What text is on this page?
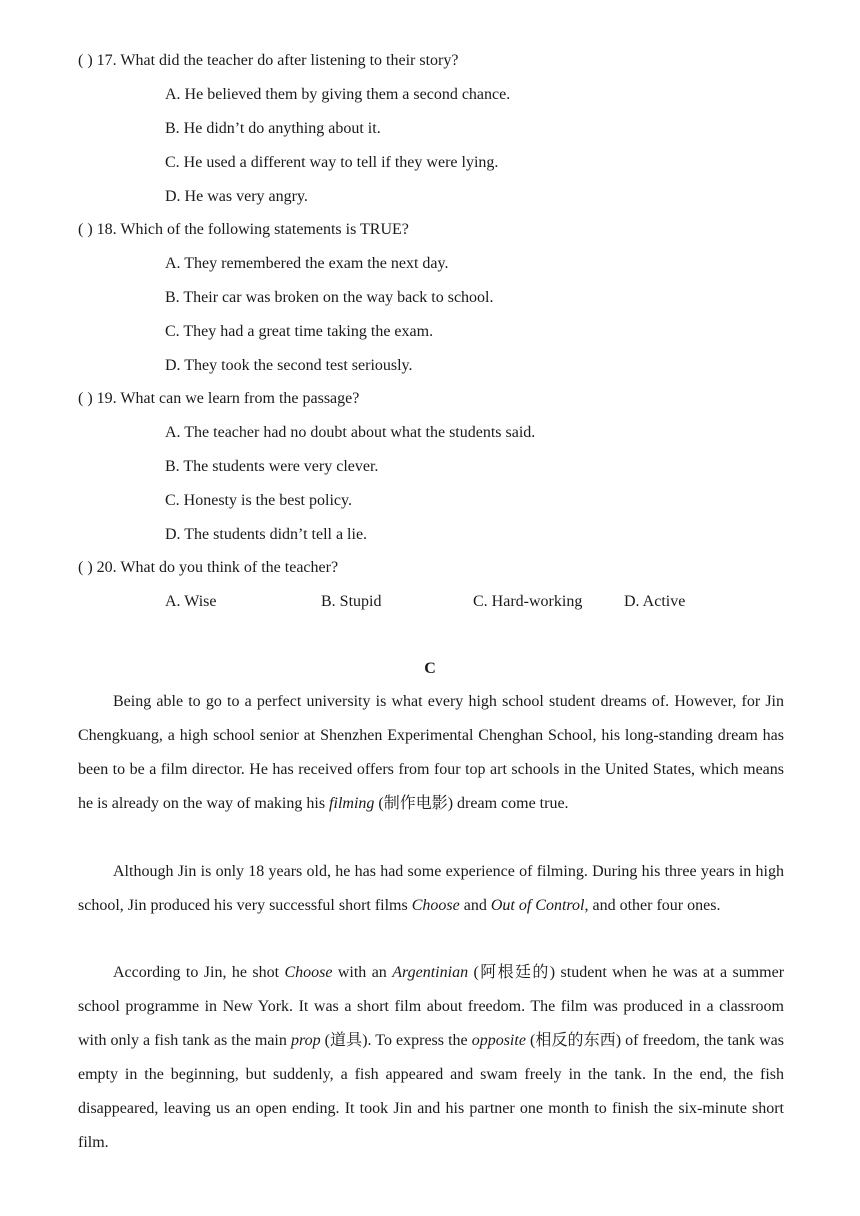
( ) 17. What did the teacher do after listening to their story?
A. He believed them by giving them a second chance.
B. He didn’t do anything about it.
C. He used a different way to tell if they were lying.
D. He was very angry.
( ) 18. Which of the following statements is TRUE?
A. They remembered the exam the next day.
B. Their car was broken on the way back to school.
C. They had a great time taking the exam.
D. They took the second test seriously.
( ) 19. What can we learn from the passage?
A. The teacher had no doubt about what the students said.
B. The students were very clever.
C. Honesty is the best policy.
D. The students didn’t tell a lie.
( ) 20. What do you think of the teacher?
A. Wise	B. Stupid	C. Hard-working	D. Active
C
Being able to go to a perfect university is what every high school student dreams of. However, for Jin Chengkuang, a high school senior at Shenzhen Experimental Chenghan School, his long-standing dream has been to be a film director. He has received offers from four top art schools in the United States, which means he is already on the way of making his filming (制作电影) dream come true.
Although Jin is only 18 years old, he has had some experience of filming. During his three years in high school, Jin produced his very successful short films Choose and Out of Control, and other four ones.
According to Jin, he shot Choose with an Argentinian (阿根廷的) student when he was at a summer school programme in New York. It was a short film about freedom. The film was produced in a classroom with only a fish tank as the main prop (道具). To express the opposite (相反的东西) of freedom, the tank was empty in the beginning, but suddenly, a fish appeared and swam freely in the tank. In the end, the fish disappeared, leaving us an open ending. It took Jin and his partner one month to finish the six-minute short film.
